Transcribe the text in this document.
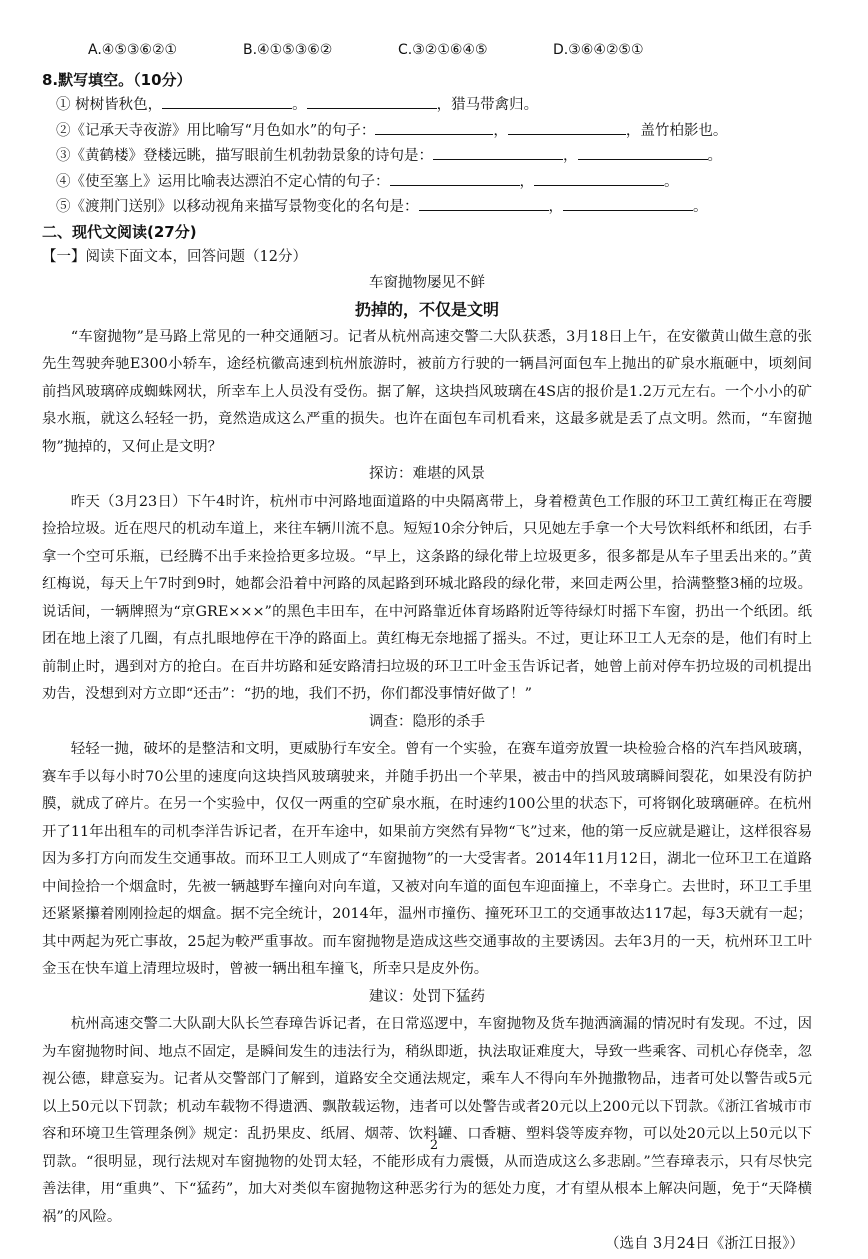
A.④⑤③⑥②①	B.④①⑤③⑥②	C.③②①⑥④⑤	D.③⑥④②⑤①
8.默写填空。（10分）
① 树树皆秋色，	。	，猎马带禽归。
②《记承天寺夜游》用比喻写“月色如水”的句子：	，	，盖竹柏影也。
③《黄鹤楼》登楼远眺，描写眼前生机勃勃景象的诗句是：	，	。
④《使至塞上》运用比喻表达漂泊不定心情的句子：	，	。
⑤《渡荆门送别》以移动视角来描写景物变化的名句是：	，	。
二、现代文阅读(27分)
【一】阅读下面文本，回答问题（12分）
车窗抛物屡见不鲜
扔掉的，不仅是文明

“车窗抛物”是马路上常见的一种交通陋习。记者从杭州高速交警二大队获悉，3月18日上午，在安徽黄山做生意的张先生驾驶奔驰E300小轿车，途经杭徽高速到杭州旅游时，被前方行驶的一辆昌河面包车上抛出的矿泉水瓶砸中，顷刻间前挡风玻璃碎成蜘蛛网状，所幸车上人员没有受伤。据了解，这块挡风玻璃在4S店的报价是1.2万元左右。一个小小的矿泉水瓶，就这么轻轻一扔，竟然造成这么严重的损失。也许在面包车司机看来，这最多就是丢了点文明。然而，“车窗抛物”抛掉的，又何止是文明？

探访：难堪的风景

昨天（3月23日）下午4时许，杭州市中河路地面道路的中央隔离带上，身着橙黄色工作服的环卫工黄红梅正在弯腰捡拾垃圾。近在咫尺的机动车道上，来往车辆川流不息。短短10余分钟后，只见她左手拿一个大号饮料纸杯和纸团，右手拿一个空可乐瓶，已经腾不出手来捡拾更多垃圾。“早上，这条路的绿化带上垃圾更多，很多都是从车子里丢出来的。”黄红梅说，每天上午7时到9时，她都会沿着中河路的凤起路到环城北路段的绿化带，来回走两公里，拾满整整3桶的垃圾。说话间，一辆牌照为“京GRE×××”的黑色丰田车，在中河路靠近体育场路附近等待绿灯时摇下车窗，扔出一个纸团。纸团在地上滚了几圈，有点扎眼地停在干净的路面上。黄红梅无奈地摇了摇头。不过，更让环卫工人无奈的是，他们有时上前制止时，遇到对方的抢白。在百井坊路和延安路清扫垃圾的环卫工叶金玉告诉记者，她曾上前对停车扔垃圾的司机提出劝告，没想到对方立即“还击”：“扔的地，我们不扔，你们都没事情好做了！”

调查：隐形的杀手

轻轻一抛，破坏的是整洁和文明，更威胁行车安全。曾有一个实验，在赛车道旁放置一块检验合格的汽车挡风玻璃，赛车手以每小时70公里的速度向这块挡风玻璃驶来，并随手扔出一个苹果，被击中的挡风玻璃瞬间裂花，如果没有防护膜，就成了碎片。在另一个实验中，仅仅一两重的空矿泉水瓶，在时速约100公里的状态下，可将钢化玻璃砸碎。在杭州开了11年出租车的司机李洋告诉记者，在开车途中，如果前方突然有异物“飞”过来，他的第一反应就是避让，这样很容易因为多打方向而发生交通事故。而环卫工人则成了“车窗抛物”的一大受害者。2014年11月12日，湖北一位环卫工在道路中间捡拾一个烟盒时，先被一辆越野车撞向对向车道，又被对向车道的面包车迎面撞上，不幸身亡。去世时，环卫工手里还紧紧攥着刚刚捡起的烟盒。据不完全统计，2014年，温州市撞伤、撞死环卫工的交通事故达117起，每3天就有一起；其中两起为死亡事故，25起为較严重事故。而车窗抛物是造成这些交通事故的主要诱因。去年3月的一天，杭州环卫工叶金玉在快车道上清理垃圾时，曾被一辆出租车撞飞，所幸只是皮外伤。

建议：处罚下猛药

杭州高速交警二大队副大队长竺春璋告诉记者，在日常巡逻中，车窗抛物及货车抛洒滴漏的情况时有发现。不过，因为车窗抛物时间、地点不固定，是瞬间发生的违法行为，稍纵即逝，执法取证难度大，导致一些乘客、司机心存侥幸，忽视公德，肆意妄为。记者从交警部门了解到，道路安全交通法规定，乘车人不得向车外抛撒物品，违者可处以警告或5元以上50元以下罚款；机动车载物不得遗洒、飘散载运物，违者可以处警告或者20元以上200元以下罚款。《浙江省城市市容和环境卫生管理条例》规定：乱扔果皮、纸屑、烟蒂、饮料罐、口香糖、塑料袋等废弃物，可以处20元以上50元以下罚款。“很明显，现行法规对车窗抛物的处罚太轻，不能形成有力震慑，从而造成这么多悲剧。”竺春璋表示，只有尽快完善法律，用“重典”、下“猛药”，加大对类似车窗抛物这种恶劣行为的惩处力度，才有望从根本上解决问题，免于“天降横祸”的风险。

（选自 3月24日《浙江日报》）
2
